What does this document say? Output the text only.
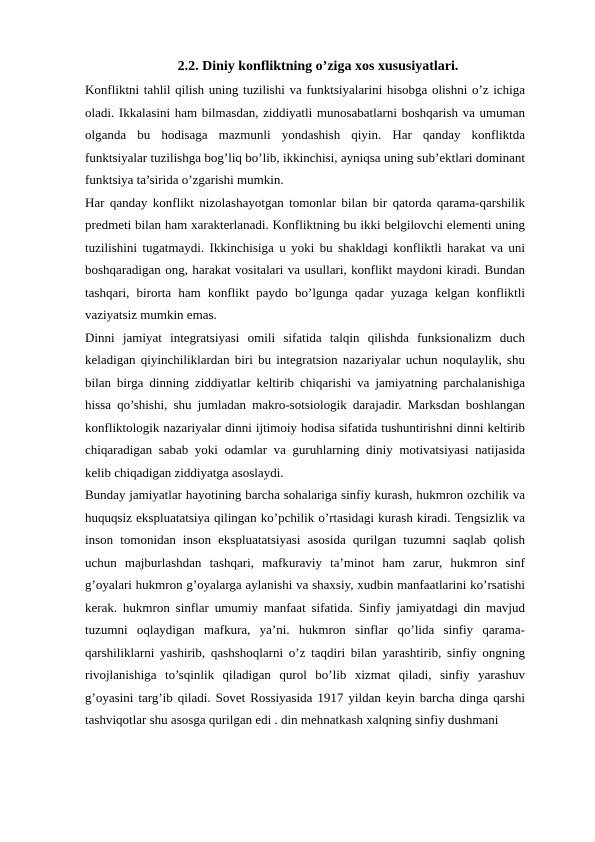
2.2. Diniy konfliktning o’ziga xos xususiyatlari.

Konfliktni tahlil qilish uning tuzilishi va funktsiyalarini hisobga olishni o’z ichiga oladi. Ikkalasini ham bilmasdan, ziddiyatli munosabatlarni boshqarish va umuman olganda bu hodisaga mazmunli yondashish qiyin. Har qanday konfliktda funktsiyalar tuzilishga bog’liq bo’lib, ikkinchisi, ayniqsa uning sub’ektlari dominant funktsiya ta’sirida o’zgarishi mumkin.

Har qanday konflikt nizolashayotgan tomonlar bilan bir qatorda qarama-qarshilik predmeti bilan ham xarakterlanadi. Konfliktning bu ikki belgilovchi elementi uning tuzilishini tugatmaydi. Ikkinchisiga u yoki bu shakldagi konfliktli harakat va uni boshqaradigan ong, harakat vositalari va usullari, konflikt maydoni kiradi. Bundan tashqari, birorta ham konflikt paydo bo’lgunga qadar yuzaga kelgan konfliktli vaziyatsiz mumkin emas.

Dinni jamiyat integratsiyasi omili sifatida talqin qilishda funksionalizm duch keladigan qiyinchiliklardan biri bu integratsion nazariyalar uchun noqulaylik, shu bilan birga dinning ziddiyatlar keltirib chiqarishi va jamiyatning parchalanishiga hissa qo’shishi, shu jumladan makro-sotsiologik darajadir. Marksdan boshlangan konfliktologik nazariyalar dinni ijtimoiy hodisa sifatida tushuntirishni dinni keltirib chiqaradigan sabab yoki odamlar va guruhlarning diniy motivatsiyasi natijasida kelib chiqadigan ziddiyatga asoslaydi.

Bunday jamiyatlar hayotining barcha sohalariga sinfiy kurash, hukmron ozchilik va huquqsiz ekspluatatsiya qilingan ko’pchilik o’rtasidagi kurash kiradi. Tengsizlik va inson tomonidan inson ekspluatatsiyasi asosida qurilgan tuzumni saqlab qolish uchun majburlashdan tashqari, mafkuraviy ta’minot ham zarur, hukmron sinf g’oyalari hukmron g’oyalarga aylanishi va shaxsiy, xudbin manfaatlarini ko’rsatishi kerak. hukmron sinflar umumiy manfaat sifatida. Sinfiy jamiyatdagi din mavjud tuzumni oqlaydigan mafkura, ya’ni. hukmron sinflar qo’lida sinfiy qarama-qarshiliklarni yashirib, qashshoqlarni o’z taqdiri bilan yarashtirib, sinfiy ongning rivojlanishiga to’sqinlik qiladigan qurol bo’lib xizmat qiladi, sinfiy yarashuv g’oyasini targ’ib qiladi. Sovet Rossiyasida 1917 yildan keyin barcha dinga qarshi tashviqotlar shu asosga qurilgan edi . din mehnatkash xalqning sinfiy dushmani
